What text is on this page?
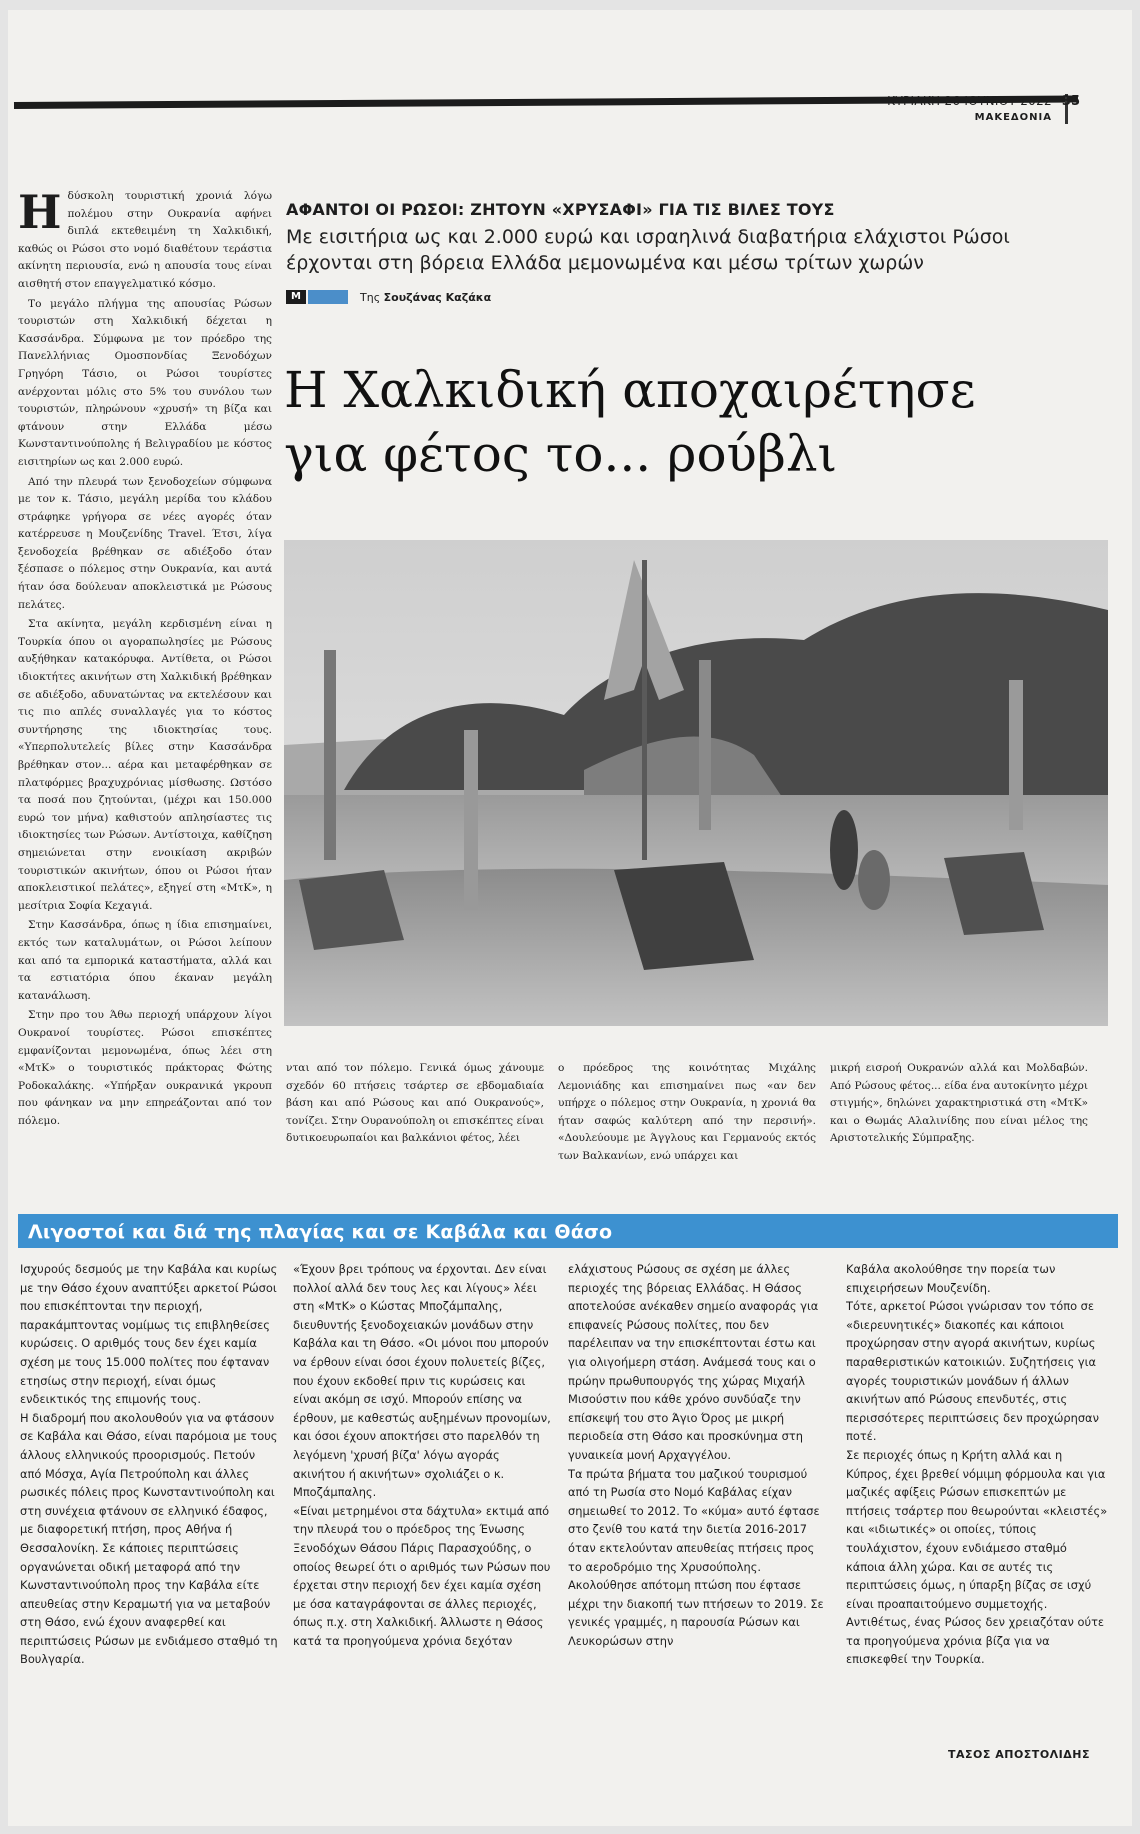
ΚΥΡΙΑΚΗ 26 ΙΟΥΝΙΟΥ 2022
ΜΑΚΕΔΟΝΙΑ
35
Η δύσκολη τουριστική χρονιά λόγω πολέμου στην Ουκρανία αφήνει διπλά εκτεθειμένη τη Χαλκιδική, καθώς οι Ρώσοι στο νομό διαθέτουν τεράστια ακίνητη περιουσία, ενώ η απουσία τους είναι αισθητή στον επαγγελματικό κόσμο.

Το μεγάλο πλήγμα της απουσίας Ρώσων τουριστών στη Χαλκιδική δέχεται η Κασσάνδρα. Σύμφωνα με τον πρόεδρο της Πανελλήνιας Ομοσπονδίας Ξενοδόχων Γρηγόρη Τάσιο, οι Ρώσοι τουρίστες ανέρχονται μόλις στο 5% του συνόλου των τουριστών, πληρώνουν «χρυσή» τη βίζα και φτάνουν στην Ελλάδα μέσω Κωνσταντινούπολης ή Βελιγραδίου με κόστος εισιτηρίων ως και 2.000 ευρώ.

Από την πλευρά των ξενοδοχείων σύμφωνα με τον κ. Τάσιο, μεγάλη μερίδα του κλάδου στράφηκε γρήγορα σε νέες αγορές όταν κατέρρευσε η Μουζενίδης Travel. Έτσι, λίγα ξενοδοχεία βρέθηκαν σε αδιέξοδο όταν ξέσπασε ο πόλεμος στην Ουκρανία, και αυτά ήταν όσα δούλευαν αποκλειστικά με Ρώσους πελάτες.

Στα ακίνητα, μεγάλη κερδισμένη είναι η Τουρκία όπου οι αγοραπωλησίες με Ρώσους αυξήθηκαν κατακόρυφα. Αντίθετα, οι Ρώσοι ιδιοκτήτες ακινήτων στη Χαλκιδική βρέθηκαν σε αδιέξοδο, αδυνατώντας να εκτελέσουν και τις πιο απλές συναλλαγές για το κόστος συντήρησης της ιδιοκτησίας τους. «Υπερπολυτελείς βίλες στην Κασσάνδρα βρέθηκαν στον... αέρα και μεταφέρθηκαν σε πλατφόρμες βραχυχρόνιας μίσθωσης. Ωστόσο τα ποσά που ζητούνται, (μέχρι και 150.000 ευρώ τον μήνα) καθιστούν απλησίαστες τις ιδιοκτησίες των Ρώσων. Αντίστοιχα, καθίζηση σημειώνεται στην ενοικίαση ακριβών τουριστικών ακινήτων, όπου οι Ρώσοι ήταν αποκλειστικοί πελάτες», εξηγεί στη «ΜτΚ», η μεσίτρια Σοφία Κεχαγιά.

Στην Κασσάνδρα, όπως η ίδια επισημαίνει, εκτός των καταλυμάτων, οι Ρώσοι λείπουν και από τα εμπορικά καταστήματα, αλλά και τα εστιατόρια όπου έκαναν μεγάλη κατανάλωση.

Στην προ του Άθω περιοχή υπάρχουν λίγοι Ουκρανοί τουρίστες. Ρώσοι επισκέπτες εμφανίζονται μεμονωμένα, όπως λέει στη «ΜτΚ» ο τουριστικός πράκτορας Φώτης Ροδοκαλάκης. «Υπήρξαν ουκρανικά γκρουπ που φάνηκαν να μην επηρεάζονται από τον πόλεμο.

ΑΦΑΝΤΟΙ ΟΙ ΡΩΣΟΙ: ΖΗΤΟΥΝ «ΧΡΥΣΑΦΙ» ΓΙΑ ΤΙΣ ΒΙΛΕΣ ΤΟΥΣ
Με εισιτήρια ως και 2.000 ευρώ και ισραηλινά διαβατήρια ελάχιστοι Ρώσοι έρχονται στη βόρεια Ελλάδα μεμονωμένα και μέσω τρίτων χωρών
M	Της Σουζάνας Καζάκα
Η Χαλκιδική αποχαιρέτησε
για φέτος το... ρούβλι

νται από τον πόλεμο. Γενικά όμως χάνουμε σχεδόν 60 πτήσεις τσάρτερ σε εβδομαδιαία βάση και από Ρώσους και από Ουκρανούς», τονίζει. Στην Ουρανούπολη οι επισκέπτες είναι δυτικοευρωπαίοι και βαλκάνιοι φέτος, λέει

ο πρόεδρος της κοινότητας Μιχάλης Λεμονιάδης και επισημαίνει πως «αν δεν υπήρχε ο πόλεμος στην Ουκρανία, η χρονιά θα ήταν σαφώς καλύτερη από την περσινή». «Δουλεύουμε με Άγγλους και Γερμανούς εκτός των Βαλκανίων, ενώ υπάρχει και

μικρή εισροή Ουκρανών αλλά και Μολδαβών. Από Ρώσους φέτος... είδα ένα αυτοκίνητο μέχρι στιγμής», δηλώνει χαρακτηριστικά στη «ΜτΚ» και ο Θωμάς Αλαλινίδης που είναι μέλος της Αριστοτελικής Σύμπραξης.

Λιγοστοί και διά της πλαγίας και σε Καβάλα και Θάσο
Ισχυρούς δεσμούς με την Καβάλα και κυρίως με την Θάσο έχουν αναπτύξει αρκετοί Ρώσοι που επισκέπτονται την περιοχή, παρακάμπτοντας νομίμως τις επιβληθείσες κυρώσεις. Ο αριθμός τους δεν έχει καμία σχέση με τους 15.000 πολίτες που έφταναν ετησίως στην περιοχή, είναι όμως ενδεικτικός της επιμονής τους.
Η διαδρομή που ακολουθούν για να φτάσουν σε Καβάλα και Θάσο, είναι παρόμοια με τους άλλους ελληνικούς προορισμούς. Πετούν από Μόσχα, Αγία Πετρούπολη και άλλες ρωσικές πόλεις προς Κωνσταντινούπολη και στη συνέχεια φτάνουν σε ελληνικό έδαφος, με διαφορετική πτήση, προς Αθήνα ή Θεσσαλονίκη. Σε κάποιες περιπτώσεις οργανώνεται οδική μεταφορά από την Κωνσταντινούπολη προς την Καβάλα είτε απευθείας στην Κεραμωτή για να μεταβούν στη Θάσο, ενώ έχουν αναφερθεί και περιπτώσεις Ρώσων με ενδιάμεσο σταθμό τη Βουλγαρία.
«Έχουν βρει τρόπους να έρχονται. Δεν είναι πολλοί αλλά δεν τους λες και λίγους» λέει στη «ΜτΚ» ο Κώστας Μποζάμπαλης, διευθυντής ξενοδοχειακών μονάδων στην Καβάλα και τη Θάσο. «Οι μόνοι που μπορούν να έρθουν είναι όσοι έχουν πολυετείς βίζες, που έχουν εκδοθεί πριν τις κυρώσεις και είναι ακόμη σε ισχύ. Μπορούν επίσης να έρθουν, με καθεστώς αυξημένων προνομίων, και όσοι έχουν αποκτήσει στο παρελθόν τη λεγόμενη 'χρυσή βίζα' λόγω αγοράς ακινήτου ή ακινήτων» σχολιάζει ο κ. Μποζάμπαλης.
«Είναι μετρημένοι στα δάχτυλα» εκτιμά από την πλευρά του ο πρόεδρος της Ένωσης Ξενοδόχων Θάσου Πάρις Παρασχούδης, ο οποίος θεωρεί ότι ο αριθμός των Ρώσων που έρχεται στην περιοχή δεν έχει καμία σχέση με όσα καταγράφονται σε άλλες περιοχές, όπως π.χ. στη Χαλκιδική. Άλλωστε η Θάσος κατά τα προηγούμενα χρόνια δεχόταν
ελάχιστους Ρώσους σε σχέση με άλλες περιοχές της βόρειας Ελλάδας. Η Θάσος αποτελούσε ανέκαθεν σημείο αναφοράς για επιφανείς Ρώσους πολίτες, που δεν παρέλειπαν να την επισκέπτονται έστω και για ολιγοήμερη στάση. Ανάμεσά τους και ο πρώην πρωθυπουργός της χώρας Μιχαήλ Μισούστιν που κάθε χρόνο συνδύαζε την επίσκεψή του στο Άγιο Όρος με μικρή περιοδεία στη Θάσο και προσκύνημα στη γυναικεία μονή Αρχαγγέλου.
Τα πρώτα βήματα του μαζικού τουρισμού από τη Ρωσία στο Νομό Καβάλας είχαν σημειωθεί το 2012. Το «κύμα» αυτό έφτασε στο ζενίθ του κατά την διετία 2016-2017 όταν εκτελούνταν απευθείας πτήσεις προς το αεροδρόμιο της Χρυσούπολης. Ακολούθησε απότομη πτώση που έφτασε μέχρι την διακοπή των πτήσεων το 2019. Σε γενικές γραμμές, η παρουσία Ρώσων και Λευκορώσων στην
Καβάλα ακολούθησε την πορεία των επιχειρήσεων Μουζενίδη.
Τότε, αρκετοί Ρώσοι γνώρισαν τον τόπο σε «διερευνητικές» διακοπές και κάποιοι προχώρησαν στην αγορά ακινήτων, κυρίως παραθεριστικών κατοικιών. Συζητήσεις για αγορές τουριστικών μονάδων ή άλλων ακινήτων από Ρώσους επενδυτές, στις περισσότερες περιπτώσεις δεν προχώρησαν ποτέ.
Σε περιοχές όπως η Κρήτη αλλά και η Κύπρος, έχει βρεθεί νόμιμη φόρμουλα και για μαζικές αφίξεις Ρώσων επισκεπτών με πτήσεις τσάρτερ που θεωρούνται «κλειστές» και «ιδιωτικές» οι οποίες, τύποις τουλάχιστον, έχουν ενδιάμεσο σταθμό κάποια άλλη χώρα. Και σε αυτές τις περιπτώσεις όμως, η ύπαρξη βίζας σε ισχύ είναι προαπαιτούμενο συμμετοχής. Αντιθέτως, ένας Ρώσος δεν χρειαζόταν ούτε τα προηγούμενα χρόνια βίζα για να επισκεφθεί την Τουρκία.
ΤΑΣΟΣ ΑΠΟΣΤΟΛΙΔΗΣ
